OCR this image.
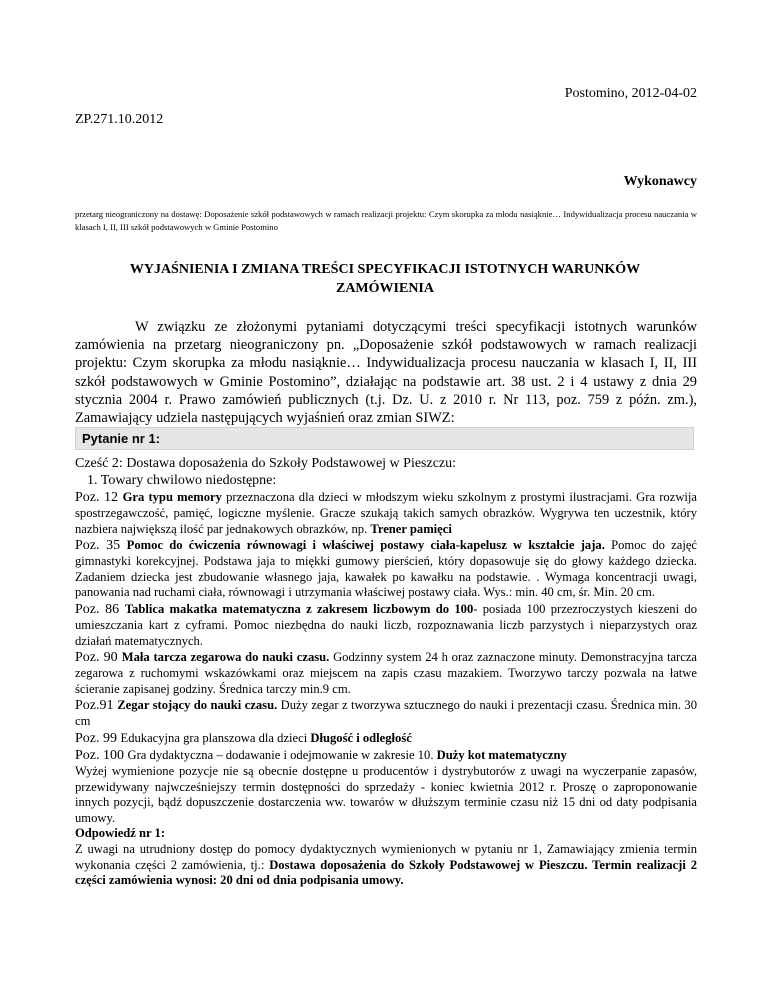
Postomino, 2012-04-02
ZP.271.10.2012
Wykonawcy
przetarg nieograniczony na dostawę: Doposażenie szkół podstawowych w ramach realizacji projektu: Czym skorupka za młodu nasiąknie… Indywidualizacja procesu nauczania w klasach I, II, III szkół podstawowych w Gminie Postomino
WYJAŚNIENIA I ZMIANA TREŚCI SPECYFIKACJI ISTOTNYCH WARUNKÓW ZAMÓWIENIA

W związku ze złożonymi pytaniami dotyczącymi treści specyfikacji istotnych warunków zamówienia na przetarg nieograniczony pn. „Doposażenie szkół podstawowych w ramach realizacji projektu: Czym skorupka za młodu nasiąknie… Indywidualizacja procesu nauczania w klasach I, II, III szkół podstawowych w Gminie Postomino”, działając na podstawie art. 38 ust. 2 i 4 ustawy z dnia 29 stycznia 2004 r. Prawo zamówień publicznych (t.j. Dz. U. z 2010 r. Nr 113, poz. 759 z późn. zm.), Zamawiający udziela następujących wyjaśnień oraz zmian SIWZ:

Pytanie nr 1:

Cześć 2: Dostawa doposażenia do Szkoły Podstawowej w Pieszczu:

1. Towary chwilowo niedostępne:

Poz. 12 Gra typu memory przeznaczona dla dzieci w młodszym wieku szkolnym z prostymi ilustracjami. Gra rozwija spostrzegawczość, pamięć, logiczne myślenie. Gracze szukają takich samych obrazków. Wygrywa ten uczestnik, który nazbiera największą ilość par jednakowych obrazków, np. Trener pamięci

Poz. 35 Pomoc do ćwiczenia równowagi i właściwej postawy ciała-kapelusz w kształcie jaja. Pomoc do zajęć gimnastyki korekcyjnej. Podstawa jaja to miękki gumowy pierścień, który dopasowuje się do głowy każdego dziecka. Zadaniem dziecka jest zbudowanie własnego jaja, kawałek po kawałku na podstawie. . Wymaga koncentracji uwagi, panowania nad ruchami ciała, równowagi i utrzymania właściwej postawy ciała. Wys.: min. 40 cm, śr. Min. 20 cm.

Poz. 86 Tablica makatka matematyczna z zakresem liczbowym do 100- posiada 100 przezroczystych kieszeni do umieszczania kart z cyframi. Pomoc niezbędna do nauki liczb, rozpoznawania liczb parzystych i nieparzystych oraz działań matematycznych.

Poz. 90 Mała tarcza zegarowa do nauki czasu. Godzinny system 24 h oraz zaznaczone minuty. Demonstracyjna tarcza zegarowa z ruchomymi wskazówkami oraz miejscem na zapis czasu mazakiem. Tworzywo tarczy pozwala na łatwe ścieranie zapisanej godziny. Średnica tarczy min.9 cm.

Poz.91 Zegar stojący do nauki czasu. Duży zegar z tworzywa sztucznego do nauki i prezentacji czasu. Średnica min. 30 cm

Poz. 99 Edukacyjna gra planszowa dla dzieci Długość i odległość

Poz. 100 Gra dydaktyczna – dodawanie i odejmowanie w zakresie 10. Duży kot matematyczny

Wyżej wymienione pozycje nie są obecnie dostępne u producentów i dystrybutorów z uwagi na wyczerpanie zapasów, przewidywany najwcześniejszy termin dostępności do sprzedaży - koniec kwietnia 2012 r. Proszę o zaproponowanie innych pozycji, bądź dopuszczenie dostarczenia ww. towarów w dłuższym terminie czasu niż 15 dni od daty podpisania umowy.

Odpowiedź nr 1:

Z uwagi na utrudniony dostęp do pomocy dydaktycznych wymienionych w pytaniu nr 1, Zamawiający zmienia termin wykonania części 2 zamówienia, tj.: Dostawa doposażenia do Szkoły Podstawowej w Pieszczu. Termin realizacji 2 części zamówienia wynosi: 20 dni od dnia podpisania umowy.
